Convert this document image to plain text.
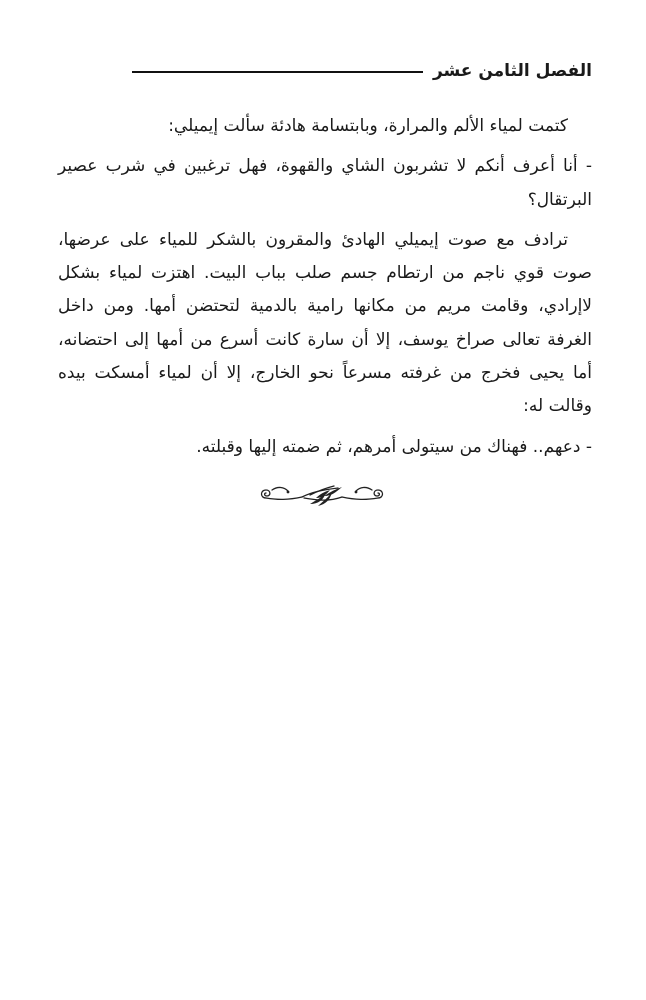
الفصل الثامن عشر

كتمت لمياء الألم والمرارة، وبابتسامة هادئة سألت إيميلي:

- أنا أعرف أنكم لا تشربون الشاي والقهوة، فهل ترغبين في شرب عصير البرتقال؟

ترادف مع صوت إيميلي الهادئ والمقرون بالشكر للمياء على عرضها، صوت قوي ناجم من ارتطام جسم صلب بباب البيت. اهتزت لمياء بشكل لاإرادي، وقامت مريم من مكانها رامية بالدمية لتحتضن أمها. ومن داخل الغرفة تعالى صراخ يوسف، إلا أن سارة كانت أسرع من أمها إلى احتضانه، أما يحيى فخرج من غرفته مسرعاً نحو الخارج، إلا أن لمياء أمسكت بيده وقالت له:

- دعهم.. فهناك من سيتولى أمرهم، ثم ضمته إليها وقبلته.
